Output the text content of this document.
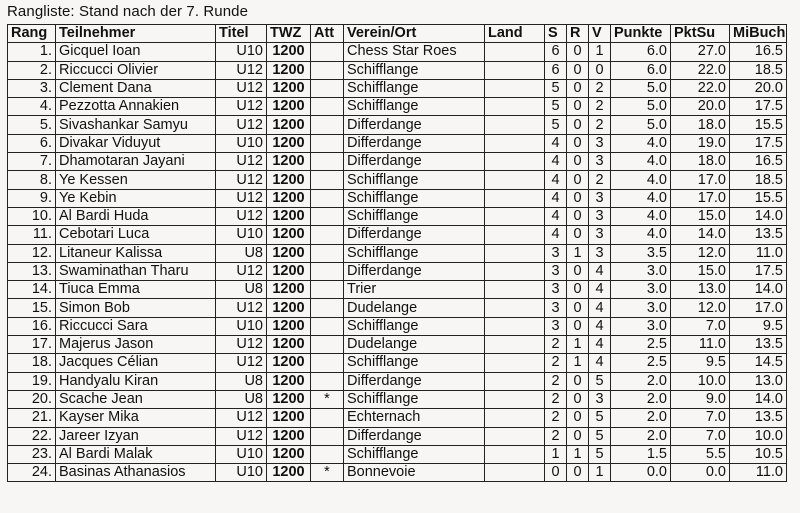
Rangliste: Stand nach der 7. Runde
Rang	Teilnehmer	Titel	TWZ	Att	Verein/Ort	Land	S	R	V	Punkte	PktSu	MiBuch
1.	Gicquel Ioan	U10	1200		Chess Star Roes		6	0	1	6.0	27.0	16.5
2.	Riccucci Olivier	U12	1200		Schifflange		6	0	0	6.0	22.0	18.5
3.	Clement Dana	U12	1200		Schifflange		5	0	2	5.0	22.0	20.0
4.	Pezzotta Annakien	U12	1200		Schifflange		5	0	2	5.0	20.0	17.5
5.	Sivashankar Samyu	U12	1200		Differdange		5	0	2	5.0	18.0	15.5
6.	Divakar Viduyut	U10	1200		Differdange		4	0	3	4.0	19.0	17.5
7.	Dhamotaran Jayani	U12	1200		Differdange		4	0	3	4.0	18.0	16.5
8.	Ye Kessen	U12	1200		Schifflange		4	0	2	4.0	17.0	18.5
9.	Ye Kebin	U12	1200		Schifflange		4	0	3	4.0	17.0	15.5
10.	Al Bardi Huda	U12	1200		Schifflange		4	0	3	4.0	15.0	14.0
11.	Cebotari Luca	U10	1200		Differdange		4	0	3	4.0	14.0	13.5
12.	Litaneur Kalissa	U8	1200		Schifflange		3	1	3	3.5	12.0	11.0
13.	Swaminathan Tharu	U12	1200		Differdange		3	0	4	3.0	15.0	17.5
14.	Tiuca Emma	U8	1200		Trier		3	0	4	3.0	13.0	14.0
15.	Simon Bob	U12	1200		Dudelange		3	0	4	3.0	12.0	17.0
16.	Riccucci Sara	U10	1200		Schifflange		3	0	4	3.0	7.0	9.5
17.	Majerus Jason	U12	1200		Dudelange		2	1	4	2.5	11.0	13.5
18.	Jacques Célian	U12	1200		Schifflange		2	1	4	2.5	9.5	14.5
19.	Handyalu Kiran	U8	1200		Differdange		2	0	5	2.0	10.0	13.0
20.	Scache Jean	U8	1200	*	Schifflange		2	0	3	2.0	9.0	14.0
21.	Kayser Mika	U12	1200		Echternach		2	0	5	2.0	7.0	13.5
22.	Jareer Izyan	U12	1200		Differdange		2	0	5	2.0	7.0	10.0
23.	Al Bardi Malak	U10	1200		Schifflange		1	1	5	1.5	5.5	10.5
24.	Basinas Athanasios	U10	1200	*	Bonnevoie		0	0	1	0.0	0.0	11.0
